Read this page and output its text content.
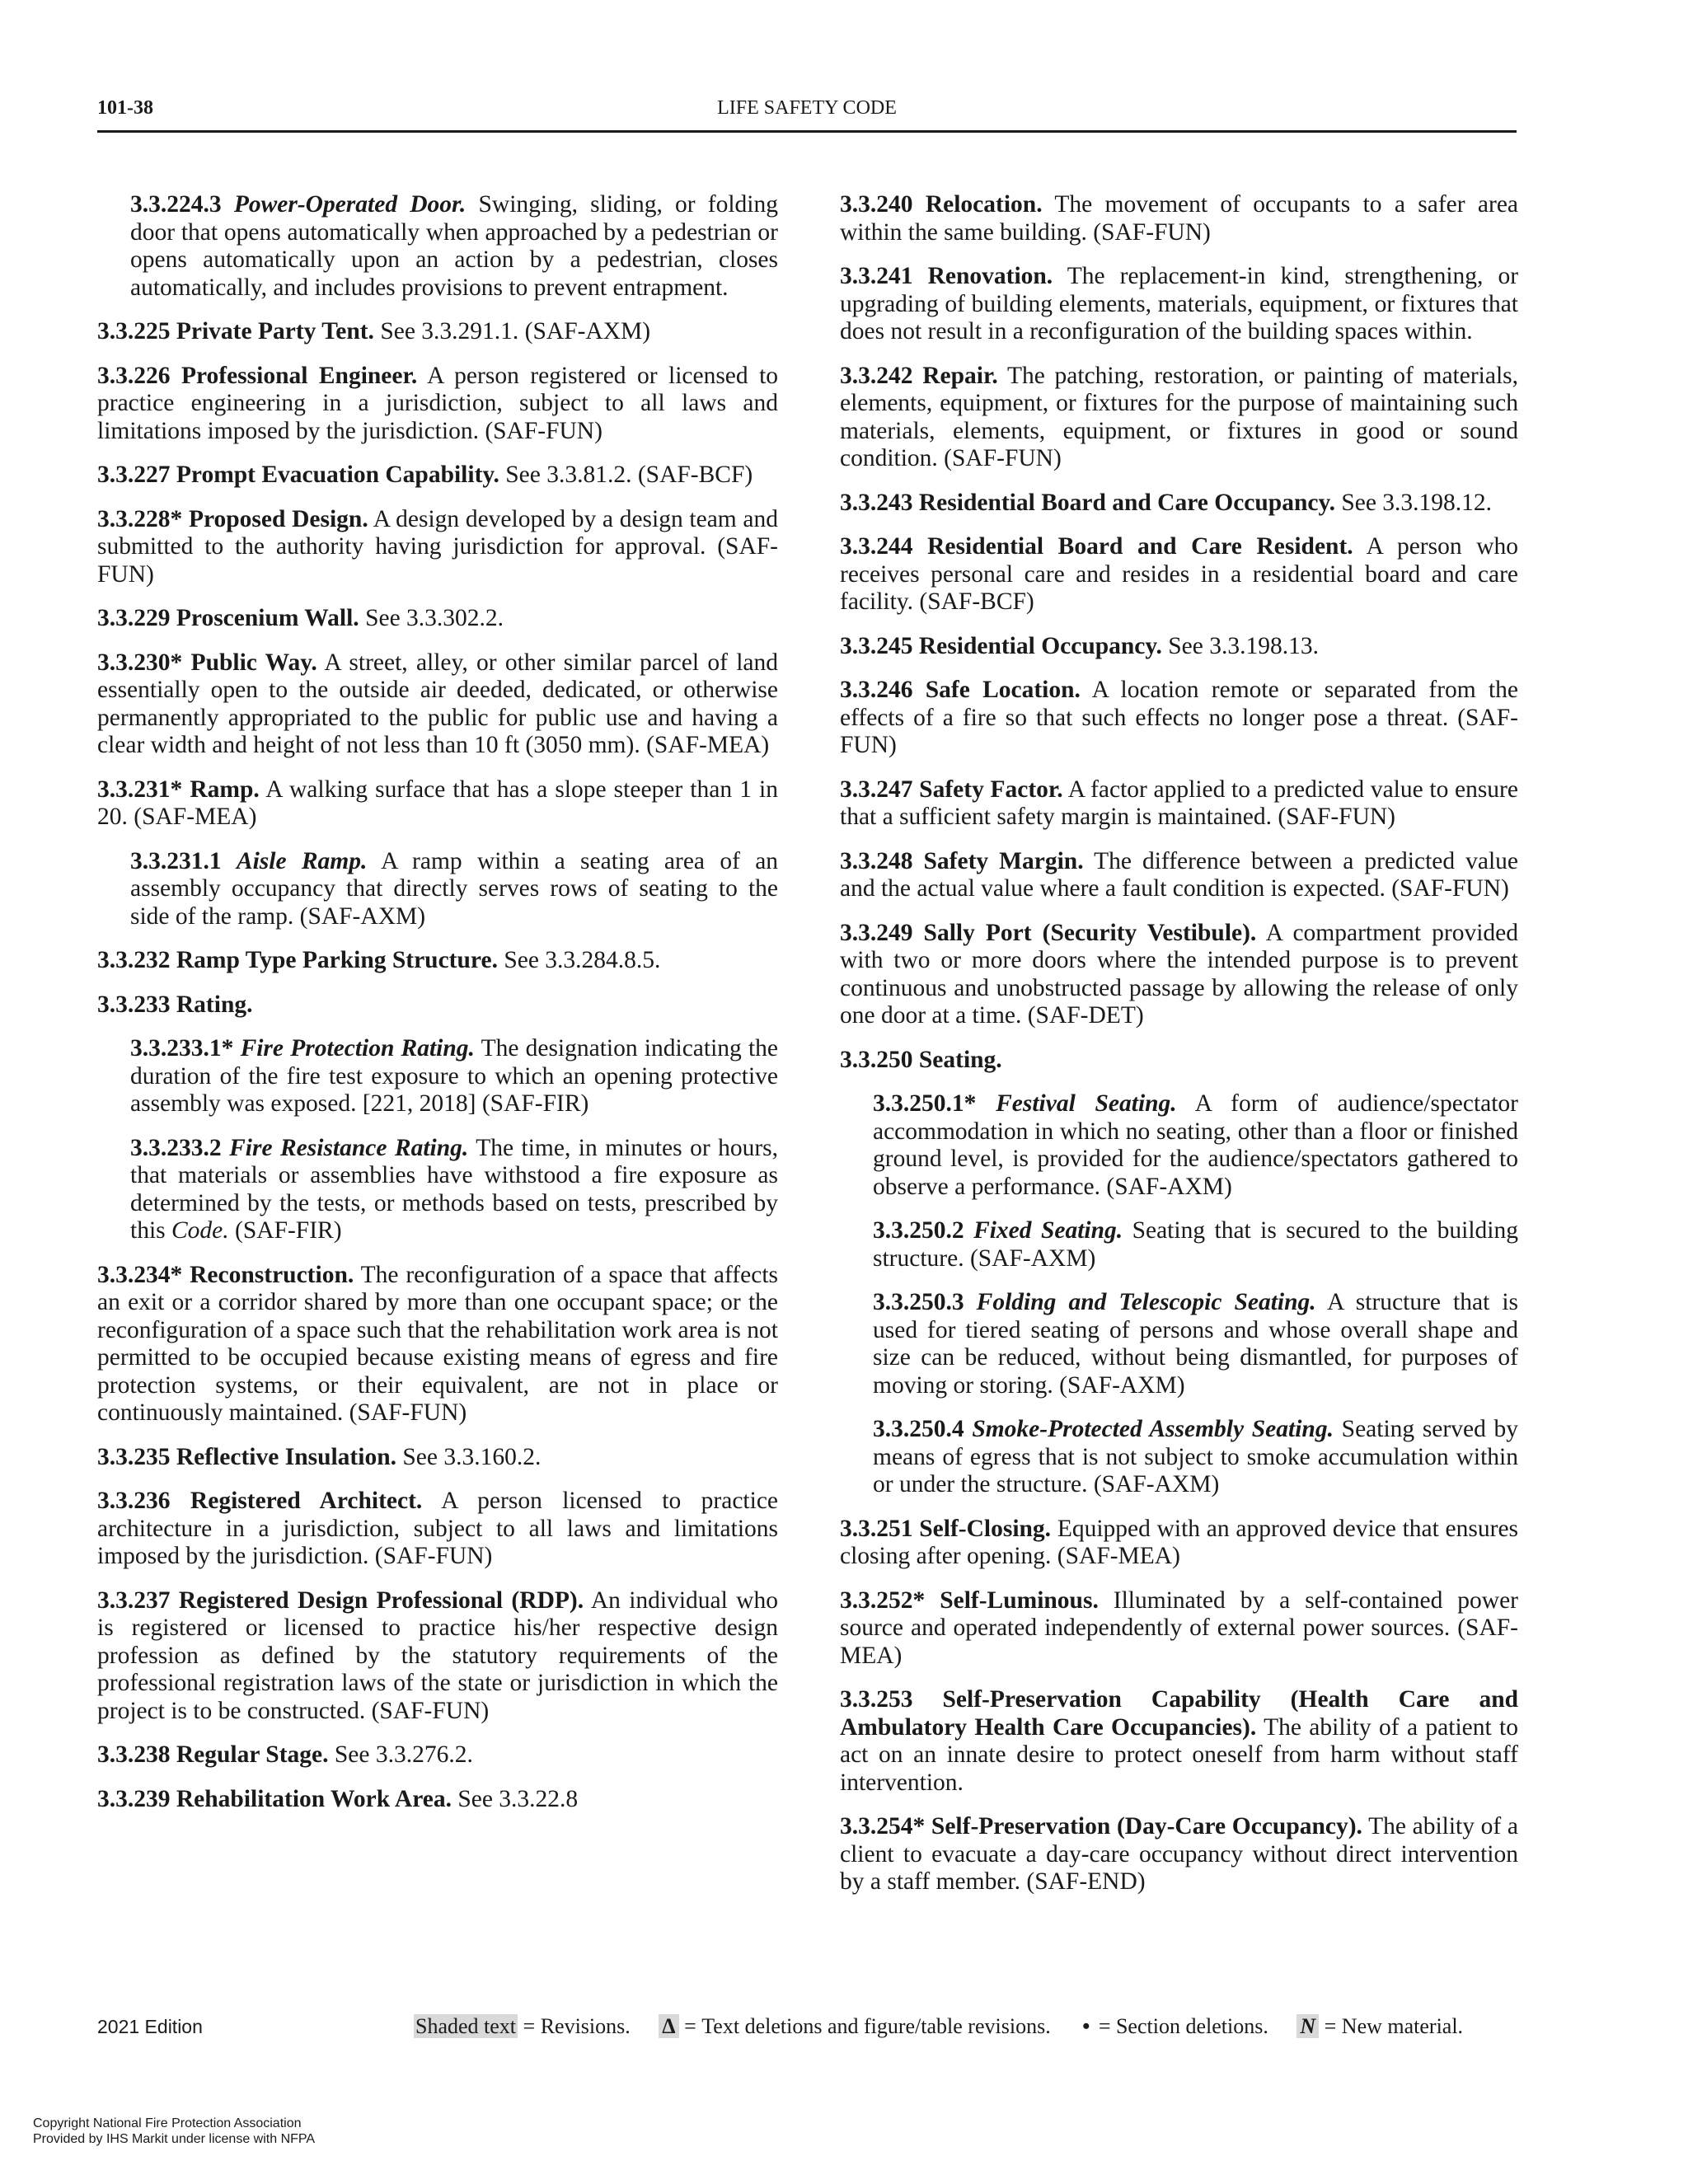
101-38	LIFE SAFETY CODE

3.3.224.3 Power-Operated Door. Swinging, sliding, or folding door that opens automatically when approached by a pedestrian or opens automatically upon an action by a pedestrian, closes automatically, and includes provisions to prevent entrapment.

3.3.225 Private Party Tent. See 3.3.291.1. (SAF-AXM)

3.3.226 Professional Engineer. A person registered or licensed to practice engineering in a jurisdiction, subject to all laws and limitations imposed by the jurisdiction. (SAF-FUN)

3.3.227 Prompt Evacuation Capability. See 3.3.81.2. (SAF-BCF)

3.3.228* Proposed Design. A design developed by a design team and submitted to the authority having jurisdiction for approval. (SAF-FUN)

3.3.229 Proscenium Wall. See 3.3.302.2.

3.3.230* Public Way. A street, alley, or other similar parcel of land essentially open to the outside air deeded, dedicated, or otherwise permanently appropriated to the public for public use and having a clear width and height of not less than 10 ft (3050 mm). (SAF-MEA)

3.3.231* Ramp. A walking surface that has a slope steeper than 1 in 20. (SAF-MEA)

3.3.231.1 Aisle Ramp. A ramp within a seating area of an assembly occupancy that directly serves rows of seating to the side of the ramp. (SAF-AXM)

3.3.232 Ramp Type Parking Structure. See 3.3.284.8.5.

3.3.233 Rating.

3.3.233.1* Fire Protection Rating. The designation indicating the duration of the fire test exposure to which an opening protective assembly was exposed. [221, 2018] (SAF-FIR)

3.3.233.2 Fire Resistance Rating. The time, in minutes or hours, that materials or assemblies have withstood a fire exposure as determined by the tests, or methods based on tests, prescribed by this Code. (SAF-FIR)

3.3.234* Reconstruction. The reconfiguration of a space that affects an exit or a corridor shared by more than one occupant space; or the reconfiguration of a space such that the rehabilitation work area is not permitted to be occupied because existing means of egress and fire protection systems, or their equivalent, are not in place or continuously maintained. (SAF-FUN)

3.3.235 Reflective Insulation. See 3.3.160.2.

3.3.236 Registered Architect. A person licensed to practice architecture in a jurisdiction, subject to all laws and limitations imposed by the jurisdiction. (SAF-FUN)

3.3.237 Registered Design Professional (RDP). An individual who is registered or licensed to practice his/her respective design profession as defined by the statutory requirements of the professional registration laws of the state or jurisdiction in which the project is to be constructed. (SAF-FUN)

3.3.238 Regular Stage. See 3.3.276.2.

3.3.239 Rehabilitation Work Area. See 3.3.22.8

3.3.240 Relocation. The movement of occupants to a safer area within the same building. (SAF-FUN)

3.3.241 Renovation. The replacement-in kind, strengthening, or upgrading of building elements, materials, equipment, or fixtures that does not result in a reconfiguration of the building spaces within.

3.3.242 Repair. The patching, restoration, or painting of materials, elements, equipment, or fixtures for the purpose of maintaining such materials, elements, equipment, or fixtures in good or sound condition. (SAF-FUN)

3.3.243 Residential Board and Care Occupancy. See 3.3.198.12.

3.3.244 Residential Board and Care Resident. A person who receives personal care and resides in a residential board and care facility. (SAF-BCF)

3.3.245 Residential Occupancy. See 3.3.198.13.

3.3.246 Safe Location. A location remote or separated from the effects of a fire so that such effects no longer pose a threat. (SAF-FUN)

3.3.247 Safety Factor. A factor applied to a predicted value to ensure that a sufficient safety margin is maintained. (SAF-FUN)

3.3.248 Safety Margin. The difference between a predicted value and the actual value where a fault condition is expected. (SAF-FUN)

3.3.249 Sally Port (Security Vestibule). A compartment provided with two or more doors where the intended purpose is to prevent continuous and unobstructed passage by allowing the release of only one door at a time. (SAF-DET)

3.3.250 Seating.

3.3.250.1* Festival Seating. A form of audience/spectator accommodation in which no seating, other than a floor or finished ground level, is provided for the audience/spectators gathered to observe a performance. (SAF-AXM)

3.3.250.2 Fixed Seating. Seating that is secured to the building structure. (SAF-AXM)

3.3.250.3 Folding and Telescopic Seating. A structure that is used for tiered seating of persons and whose overall shape and size can be reduced, without being dismantled, for purposes of moving or storing. (SAF-AXM)

3.3.250.4 Smoke-Protected Assembly Seating. Seating served by means of egress that is not subject to smoke accumulation within or under the structure. (SAF-AXM)

3.3.251 Self-Closing. Equipped with an approved device that ensures closing after opening. (SAF-MEA)

3.3.252* Self-Luminous. Illuminated by a self-contained power source and operated independently of external power sources. (SAF-MEA)

3.3.253 Self-Preservation Capability (Health Care and Ambulatory Health Care Occupancies). The ability of a patient to act on an innate desire to protect oneself from harm without staff intervention.

3.3.254* Self-Preservation (Day-Care Occupancy). The ability of a client to evacuate a day-care occupancy without direct intervention by a staff member. (SAF-END)

2021 Edition	Shaded text = Revisions. Δ = Text deletions and figure/table revisions. • = Section deletions. N = New material.
Copyright National Fire Protection Association
Provided by IHS Markit under license with NFPA
